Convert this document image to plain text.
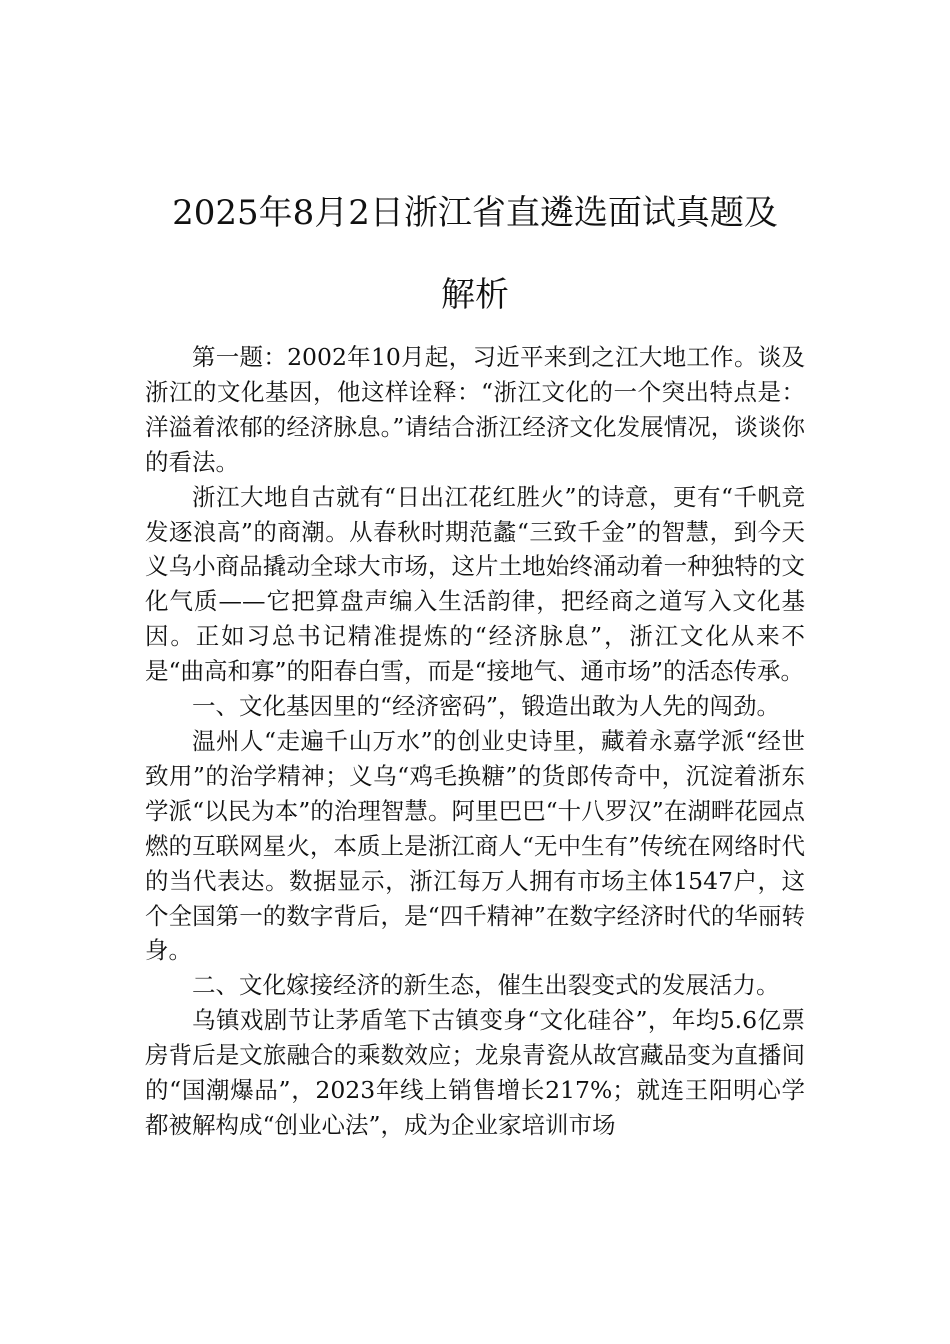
2025年8月2日浙江省直遴选面试真题及
解析

第一题：2002年10月起，习近平来到之江大地工作。谈及浙江的文化基因，他这样诠释：“浙江文化的一个突出特点是：洋溢着浓郁的经济脉息。”请结合浙江经济文化发展情况，谈谈你的看法。

浙江大地自古就有“日出江花红胜火”的诗意，更有“千帆竞发逐浪高”的商潮。从春秋时期范蠡“三致千金”的智慧，到今天义乌小商品撬动全球大市场，这片土地始终涌动着一种独特的文化气质——它把算盘声编入生活韵律，把经商之道写入文化基因。正如习总书记精准提炼的“经济脉息”，浙江文化从来不是“曲高和寡”的阳春白雪，而是“接地气、通市场”的活态传承。

一、文化基因里的“经济密码”，锻造出敢为人先的闯劲。

温州人“走遍千山万水”的创业史诗里，藏着永嘉学派“经世致用”的治学精神；义乌“鸡毛换糖”的货郎传奇中，沉淀着浙东学派“以民为本”的治理智慧。阿里巴巴“十八罗汉”在湖畔花园点燃的互联网星火，本质上是浙江商人“无中生有”传统在网络时代的当代表达。数据显示，浙江每万人拥有市场主体1547户，这个全国第一的数字背后，是“四千精神”在数字经济时代的华丽转身。

二、文化嫁接经济的新生态，催生出裂变式的发展活力。

乌镇戏剧节让茅盾笔下古镇变身“文化硅谷”，年均5.6亿票房背后是文旅融合的乘数效应；龙泉青瓷从故宫藏品变为直播间的“国潮爆品”，2023年线上销售增长217%；就连王阳明心学都被解构成“创业心法”，成为企业家培训市场
